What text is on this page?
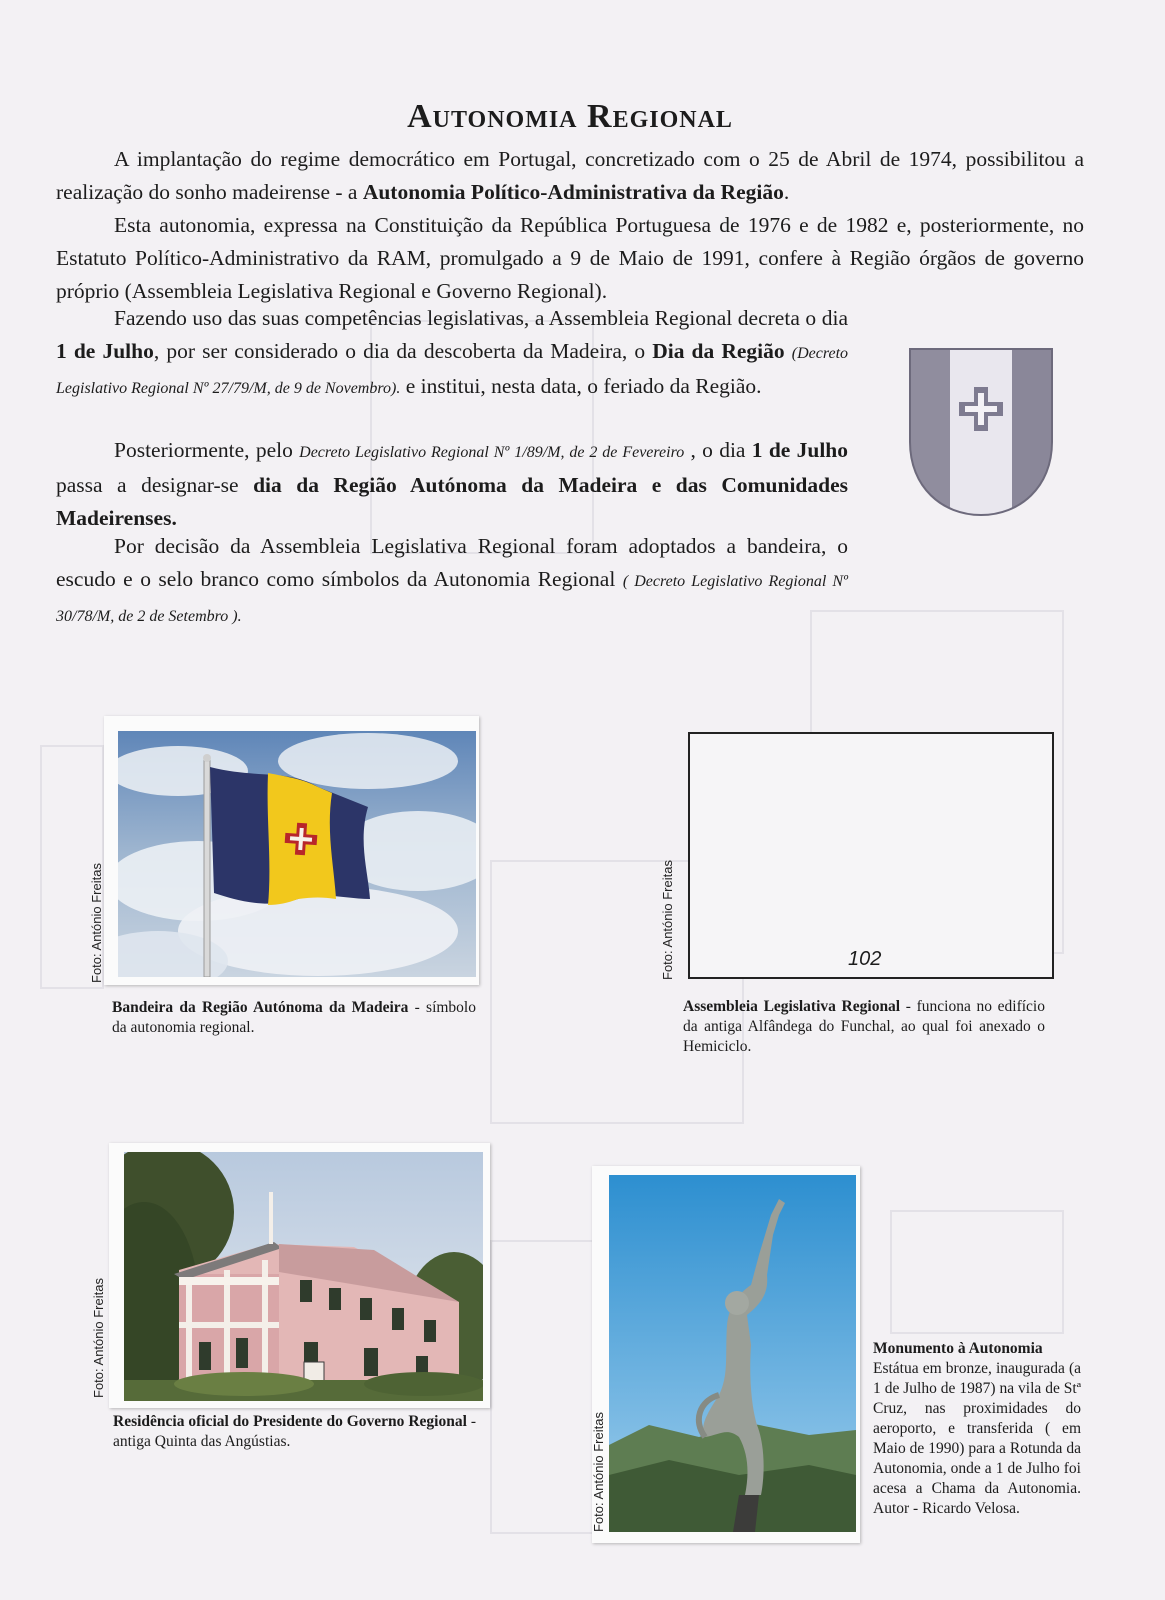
Autonomia Regional

A implantação do regime democrático em Portugal, concretizado com o 25 de Abril de 1974, possibilitou a realização do sonho madeirense - a Autonomia Político-Administrativa da Região.

Esta autonomia, expressa na Constituição da República Portuguesa de 1976 e de 1982 e, posteriormente, no Estatuto Político-Administrativo da RAM, promulgado a 9 de Maio de 1991, confere à Região órgãos de governo próprio (Assembleia Legislativa Regional e Governo Regional).

Fazendo uso das suas competências legislativas, a Assembleia Regional decreta o dia 1 de Julho, por ser considerado o dia da descoberta da Madeira, o Dia da Região (Decreto Legislativo Regional Nº 27/79/M, de 9 de Novembro). e institui, nesta data, o feriado da Região.

Posteriormente, pelo Decreto Legislativo Regional Nº 1/89/M, de 2 de Fevereiro , o dia 1 de Julho passa a designar-se dia da Região Autónoma da Madeira e das Comunidades Madeirenses.

Por decisão da Assembleia Legislativa Regional foram adoptados a bandeira, o escudo e o selo branco como símbolos da Autonomia Regional ( Decreto Legislativo Regional Nº 30/78/M, de 2 de Setembro ).

Foto: António Freitas

Bandeira da Região Autónoma da Madeira - símbolo da autonomia regional.

102
Foto: António Freitas

Assembleia Legislativa Regional - funciona no edifício da antiga Alfândega do Funchal, ao qual foi anexado o Hemiciclo.

Foto: António Freitas

Residência oficial do Presidente do Governo Regional - antiga Quinta das Angústias.	Foto: António Freitas

Monumento à Autonomia
Estátua em bronze, inaugurada (a 1 de Julho de 1987) na vila de Stª Cruz, nas proximidades do aeroporto, e transferida ( em Maio de 1990) para a Rotunda da Autonomia, onde a 1 de Julho foi acesa a Chama da Autonomia. Autor - Ricardo Velosa.
